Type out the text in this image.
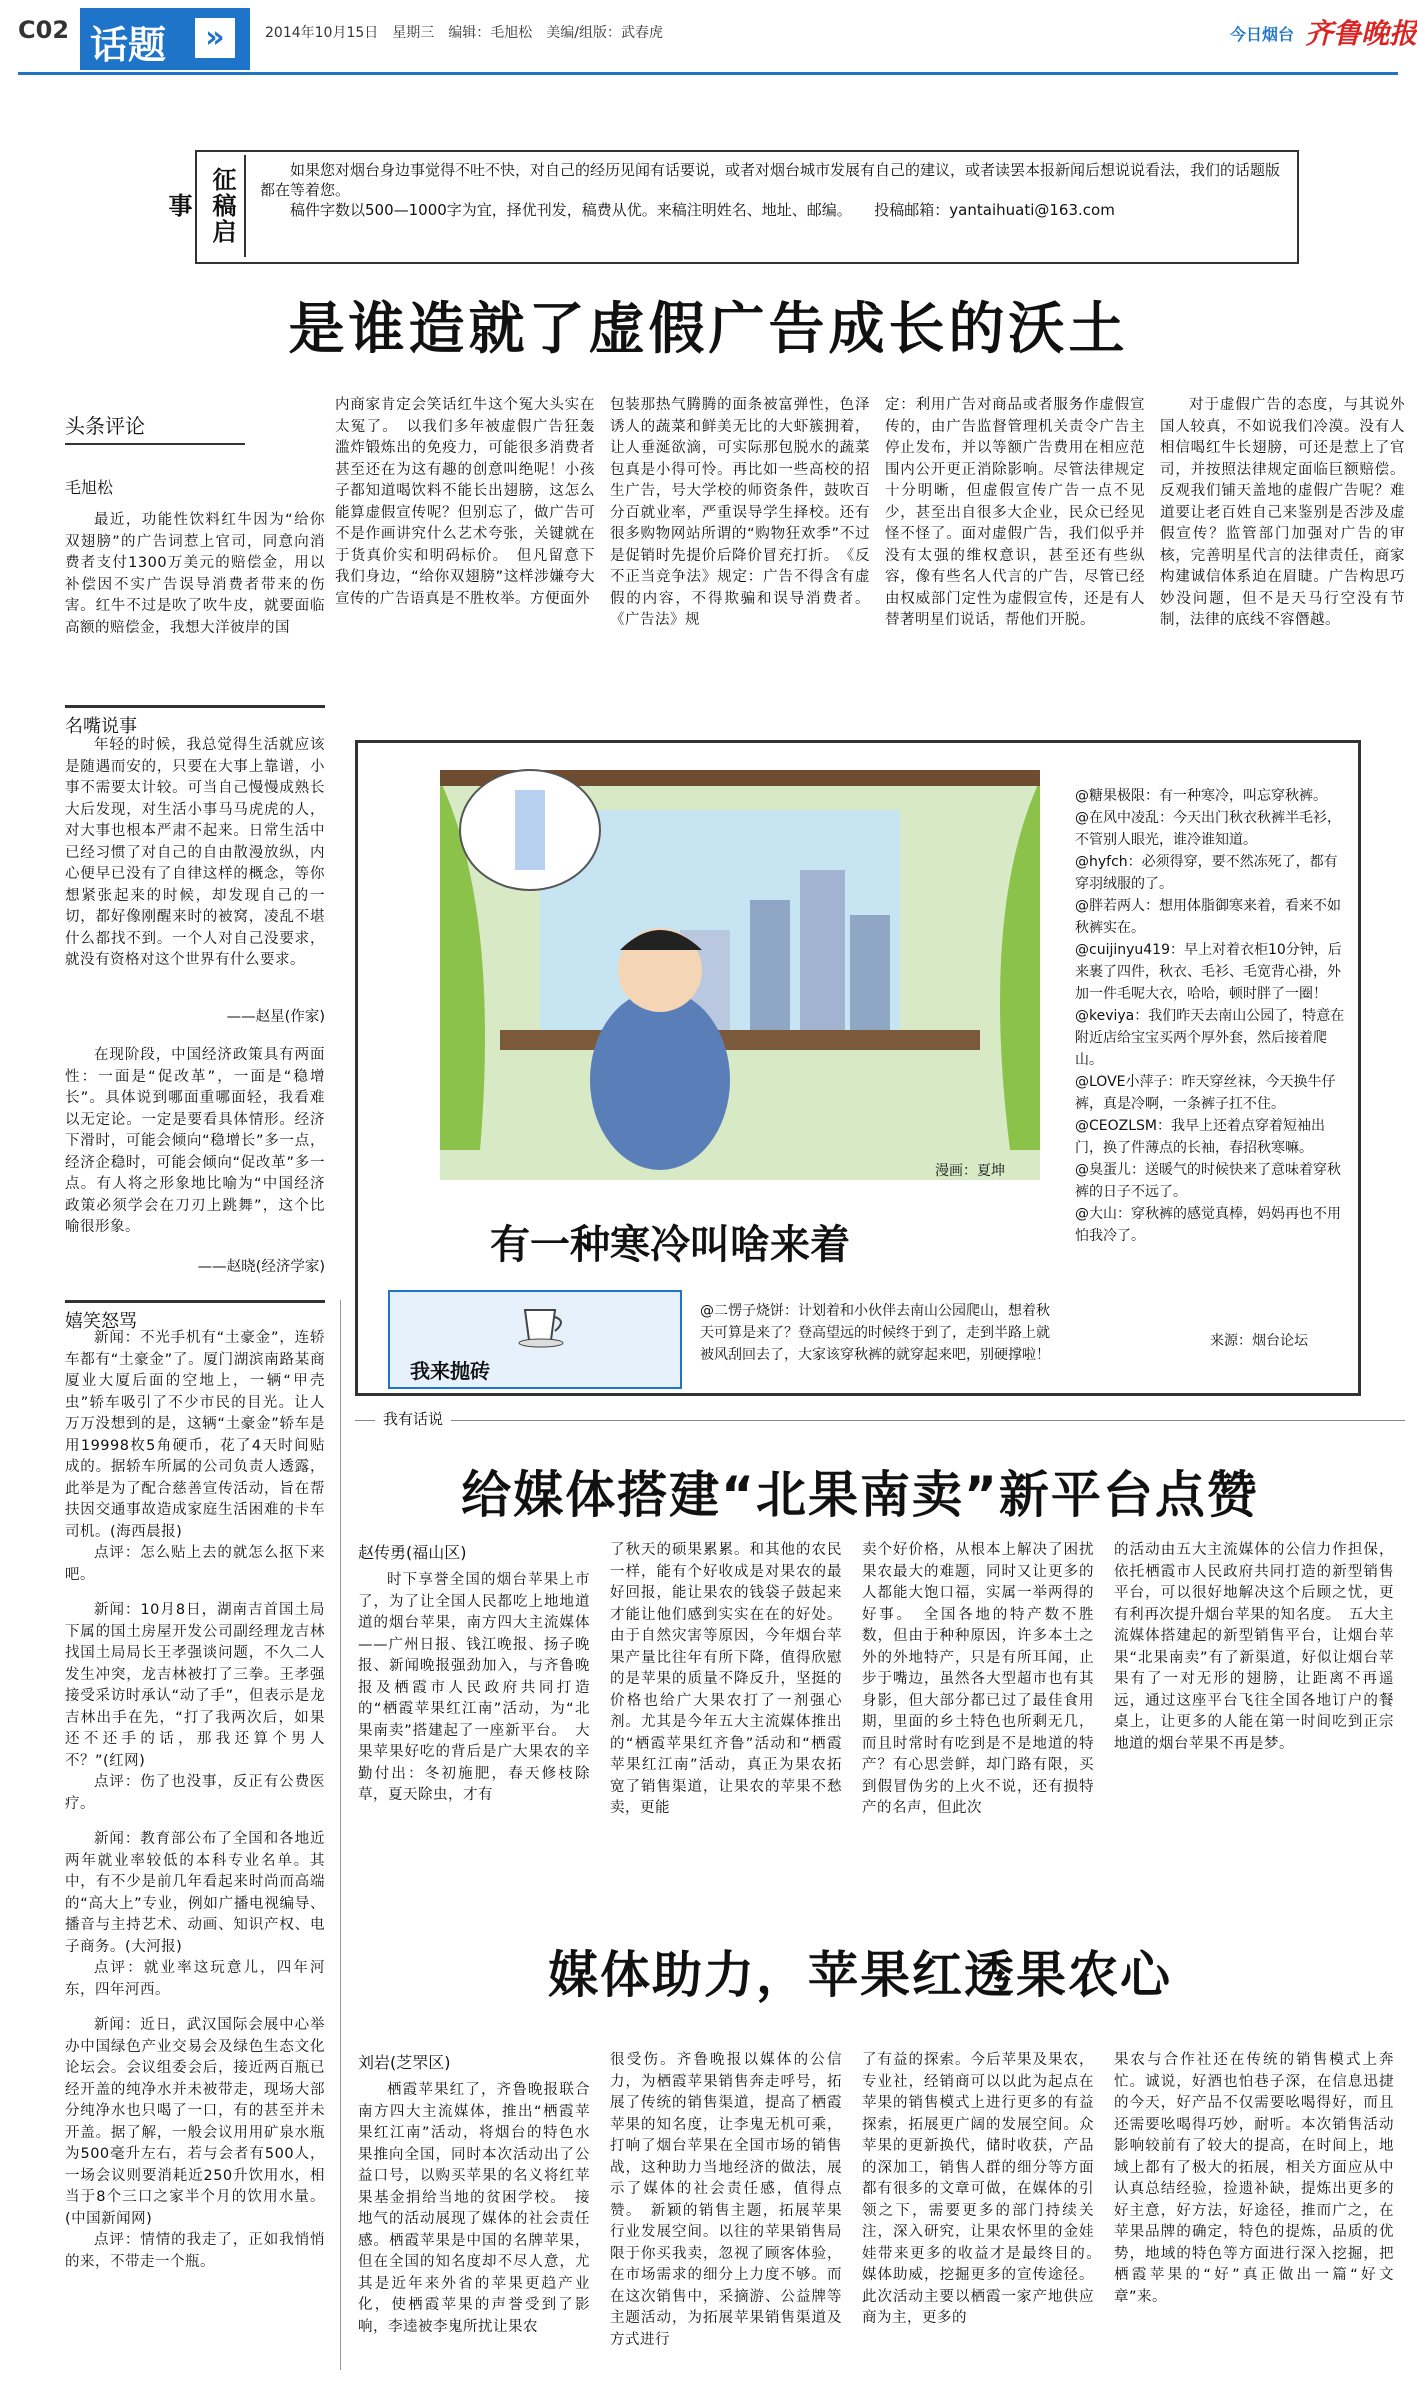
C02 话题	»	2014年10月15日　星期三　编辑：毛旭松　美编/组版：武春虎	今日烟台 齐鲁晚报
征稿启事
如果您对烟台身边事觉得不吐不快，对自己的经历见闻有话要说，或者对烟台城市发展有自己的建议，或者读罢本报新闻后想说说看法，我们的话题版都在等着您。
稿件字数以500—1000字为宜，择优刊发，稿费从优。来稿注明姓名、地址、邮编。　　投稿邮箱：yantaihuati@163.com
是谁造就了虚假广告成长的沃土
头条评论
毛旭松
最近，功能性饮料红牛因为“给你双翅膀”的广告词惹上官司，同意向消费者支付1300万美元的赔偿金，用以补偿因不实广告误导消费者带来的伤害。红牛不过是吹了吹牛皮，就要面临高额的赔偿金，我想大洋彼岸的国
内商家肯定会笑话红牛这个冤大头实在太冤了。　以我们多年被虚假广告狂轰滥炸锻炼出的免疫力，可能很多消费者甚至还在为这有趣的创意叫绝呢！小孩子都知道喝饮料不能长出翅膀，这怎么能算虚假宣传呢？但别忘了，做广告可不是作画讲究什么艺术夸张，关键就在于货真价实和明码标价。　但凡留意下我们身边，“给你双翅膀”这样涉嫌夸大宣传的广告语真是不胜枚举。方便面外
包装那热气腾腾的面条被富弹性，色泽诱人的蔬菜和鲜美无比的大虾簇拥着，让人垂涎欲滴，可实际那包脱水的蔬菜包真是小得可怜。再比如一些高校的招生广告，号大学校的师资条件，鼓吹百分百就业率，严重误导学生择校。还有很多购物网站所谓的“购物狂欢季”不过是促销时先提价后降价冒充打折。　《反不正当竞争法》规定：广告不得含有虚假的内容，不得欺骗和误导消费者。《广告法》规
定：利用广告对商品或者服务作虚假宣传的，由广告监督管理机关责令广告主停止发布，并以等额广告费用在相应范围内公开更正消除影响。尽管法律规定十分明晰，但虚假宣传广告一点不见少，甚至出自很多大企业，民众已经见怪不怪了。面对虚假广告，我们似乎并没有太强的维权意识，甚至还有些纵容，像有些名人代言的广告，尽管已经由权威部门定性为虚假宣传，还是有人替著明星们说话，帮他们开脱。
对于虚假广告的态度，与其说外国人较真，不如说我们冷漠。没有人相信喝红牛长翅膀，可还是惹上了官司，并按照法律规定面临巨额赔偿。反观我们铺天盖地的虚假广告呢？难道要让老百姓自己来鉴别是否涉及虚假宣传？监管部门加强对广告的审核，完善明星代言的法律责任，商家构建诚信体系迫在眉睫。广告构思巧妙没问题，但不是天马行空没有节制，法律的底线不容僭越。
名嘴说事
年轻的时候，我总觉得生活就应该是随遇而安的，只要在大事上靠谱，小事不需要太计较。可当自己慢慢成熟长大后发现，对生活小事马马虎虎的人，对大事也根本严肃不起来。日常生活中已经习惯了对自己的自由散漫放纵，内心便早已没有了自律这样的概念，等你想紧张起来的时候，却发现自己的一切，都好像刚醒来时的被窝，凌乱不堪什么都找不到。一个人对自己没要求，就没有资格对这个世界有什么要求。
——赵星(作家)
在现阶段，中国经济政策具有两面性：一面是“促改革”，一面是“稳增长”。具体说到哪面重哪面轻，我看难以无定论。一定是要看具体情形。经济下滑时，可能会倾向“稳增长”多一点，经济企稳时，可能会倾向“促改革”多一点。有人将之形象地比喻为“中国经济政策必须学会在刀刃上跳舞”，这个比喻很形象。
——赵晓(经济学家)
嬉笑怒骂
新闻：不光手机有“土豪金”，连轿车都有“土豪金”了。厦门湖滨南路某商厦业大厦后面的空地上，一辆“甲壳虫”轿车吸引了不少市民的目光。让人万万没想到的是，这辆“土豪金”轿车是用19998枚5角硬币，花了4天时间贴成的。据轿车所属的公司负责人透露，此举是为了配合慈善宣传活动，旨在帮扶因交通事故造成家庭生活困难的卡车司机。(海西晨报)
点评：怎么贴上去的就怎么抠下来吧。
新闻：10月8日，湖南吉首国土局下属的国土房屋开发公司副经理龙吉林找国土局局长王孝强谈问题，不久二人发生冲突，龙吉林被打了三拳。王孝强接受采访时承认“动了手”，但表示是龙吉林出手在先，“打了我两次后，如果还不还手的话，那我还算个男人不？”(红网)
点评：伤了也没事，反正有公费医疗。
新闻：教育部公布了全国和各地近两年就业率较低的本科专业名单。其中，有不少是前几年看起来时尚而高端的“高大上”专业，例如广播电视编导、播音与主持艺术、动画、知识产权、电子商务。(大河报)
点评：就业率这玩意儿，四年河东，四年河西。
新闻：近日，武汉国际会展中心举办中国绿色产业交易会及绿色生态文化论坛会。会议组委会后，接近两百瓶已经开盖的纯净水并未被带走，现场大部分纯净水也只喝了一口，有的甚至并未开盖。据了解，一般会议用用矿泉水瓶为500毫升左右，若与会者有500人，一场会议则要消耗近250升饮用水，相当于8个三口之家半个月的饮用水量。(中国新闻网)
点评：情情的我走了，正如我悄悄的来，不带走一个瓶。
漫画：夏坤
有一种寒冷叫啥来着
@糖果极限：有一种寒冷，叫忘穿秋裤。
@在风中凌乱：今天出门秋衣秋裤半毛衫，不管别人眼光，谁冷谁知道。
@hyfch：必须得穿，要不然冻死了，都有穿羽绒服的了。
@胖若两人：想用体脂御寒来着，看来不如秋裤实在。
@cuijinyu419：早上对着衣柜10分钟，后来裹了四件，秋衣、毛衫、毛宽背心褂，外加一件毛呢大衣，哈哈，顿时胖了一圈！
@keviya：我们昨天去南山公园了，特意在附近店给宝宝买两个厚外套，然后接着爬山。
@LOVE小萍子：昨天穿丝袜，今天换牛仔裤，真是冷啊，一条裤子扛不住。
@CEOZLSM：我早上还着点穿着短袖出门，换了件薄点的长袖，春招秋寒嘛。
@臭蛋儿：送暖气的时候快来了意味着穿秋裤的日子不远了。
@大山：穿秋裤的感觉真棒，妈妈再也不用怕我冷了。
来源：烟台论坛
我来抛砖
@二愣子烧饼：计划着和小伙伴去南山公园爬山，想着秋天可算是来了？登高望远的时候终于到了，走到半路上就被风刮回去了，大家该穿秋裤的就穿起来吧，别硬撑啦！
我有话说
给媒体搭建“北果南卖”新平台点赞
赵传勇(福山区)
时下享誉全国的烟台苹果上市了，为了让全国人民都吃上地地道道的烟台苹果，南方四大主流媒体——广州日报、钱江晚报、扬子晚报、新闻晚报强劲加入，与齐鲁晚报及栖霞市人民政府共同打造的“栖霞苹果红江南”活动，为“北果南卖”搭建起了一座新平台。　大果苹果好吃的背后是广大果农的辛勤付出：冬初施肥，春天修枝除草，夏天除虫，才有
了秋天的硕果累累。和其他的农民一样，能有个好收成是对果农的最好回报，能让果农的钱袋子鼓起来才能让他们感到实实在在的好处。由于自然灾害等原因，今年烟台苹果产量比往年有所下降，值得欣慰的是苹果的质量不降反升，坚挺的价格也给广大果农打了一剂强心剂。尤其是今年五大主流媒体推出的“栖霞苹果红齐鲁”活动和“栖霞苹果红江南”活动，真正为果农拓宽了销售渠道，让果农的苹果不愁卖，更能
卖个好价格，从根本上解决了困扰果农最大的难题，同时又让更多的人都能大饱口福，实属一举两得的好事。　全国各地的特产数不胜数，但由于种种原因，许多本土之外的外地特产，只是有所耳闻，止步于嘴边，虽然各大型超市也有其身影，但大部分都已过了最佳食用期，里面的乡土特色也所剩无几，而且时常时有吃到是不是地道的特产？有心思尝鲜，却门路有限，买到假冒伪劣的上火不说，还有损特产的名声，但此次
的活动由五大主流媒体的公信力作担保，依托栖霞市人民政府共同打造的新型销售平台，可以很好地解决这个后顾之忧，更有利再次提升烟台苹果的知名度。　五大主流媒体搭建起的新型销售平台，让烟台苹果“北果南卖”有了新渠道，好似让烟台苹果有了一对无形的翅膀，让距离不再遥远，通过这座平台飞往全国各地订户的餐桌上，让更多的人能在第一时间吃到正宗地道的烟台苹果不再是梦。
媒体助力，苹果红透果农心
刘岩(芝罘区)
栖霞苹果红了，齐鲁晚报联合南方四大主流媒体，推出“栖霞苹果红江南”活动，将烟台的特色水果推向全国，同时本次活动出了公益口号，以购买苹果的名义将红苹果基金捐给当地的贫困学校。　接地气的活动展现了媒体的社会责任感。栖霞苹果是中国的名牌苹果，但在全国的知名度却不尽人意，尤其是近年来外省的苹果更趋产业化，使栖霞苹果的声誉受到了影响，李逵被李鬼所扰让果农
很受伤。齐鲁晚报以媒体的公信力，为栖霞苹果销售奔走呼号，拓展了传统的销售渠道，提高了栖霞苹果的知名度，让李鬼无机可乘，打响了烟台苹果在全国市场的销售战，这种助力当地经济的做法，展示了媒体的社会责任感，值得点赞。　新颖的销售主题，拓展苹果行业发展空间。以往的苹果销售局限于你买我卖，忽视了顾客体验，在市场需求的细分上力度不够。而在这次销售中，采摘游、公益牌等主题活动，为拓展苹果销售渠道及方式进行
了有益的探索。今后苹果及果农，专业社，经销商可以以此为起点在苹果的销售模式上进行更多的有益探索，拓展更广阔的发展空间。众苹果的更新换代，储时收获，产品的深加工，销售人群的细分等方面都有很多的文章可做，在媒体的引领之下，需要更多的部门持续关注，深入研究，让果农怀里的金娃娃带来更多的收益才是最终目的。　媒体助威，挖掘更多的宣传途径。此次活动主要以栖霞一家产地供应商为主，更多的
果农与合作社还在传统的销售模式上奔忙。诚说，好酒也怕巷子深，在信息迅捷的今天，好产品不仅需要吆喝得好，而且还需要吆喝得巧妙，耐听。本次销售活动影响较前有了较大的提高，在时间上，地域上都有了极大的拓展，相关方面应从中认真总结经验，捡遗补缺，提炼出更多的好主意，好方法，好途径，推而广之，在苹果品牌的确定，特色的提炼，品质的优势，地域的特色等方面进行深入挖掘，把栖霞苹果的“好”真正做出一篇“好文章”来。
